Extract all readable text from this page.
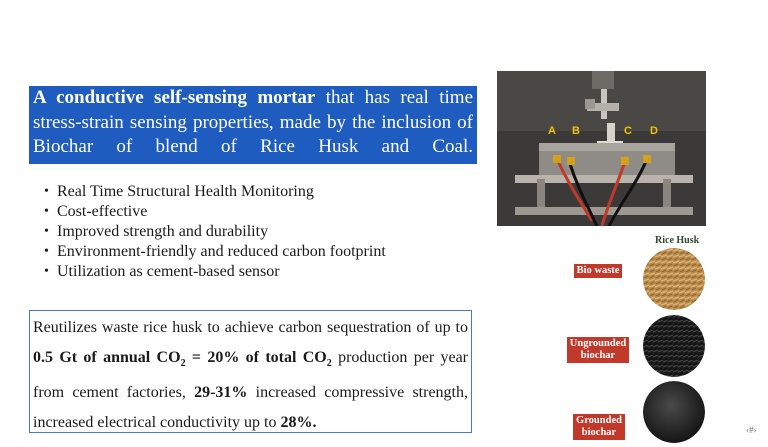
A conductive self-sensing mortar that has real time stress-strain sensing properties, made by the inclusion of Biochar of blend of Rice Husk and Coal.

• Real Time Structural Health Monitoring
• Cost-effective
• Improved strength and durability
• Environment-friendly and reduced carbon footprint
• Utilization as cement-based sensor

Reutilizes waste rice husk to achieve carbon sequestration of up to 0.5 Gt of annual $CO_2 = 20\%$ of total $CO_2$ production per year from cement factories, 29-31% increased compressive strength, increased electrical conductivity up to 28%.

A B	C D
Rice Husk
Bio waste
Ungrounded biochar
Grounded biochar	‹#›
